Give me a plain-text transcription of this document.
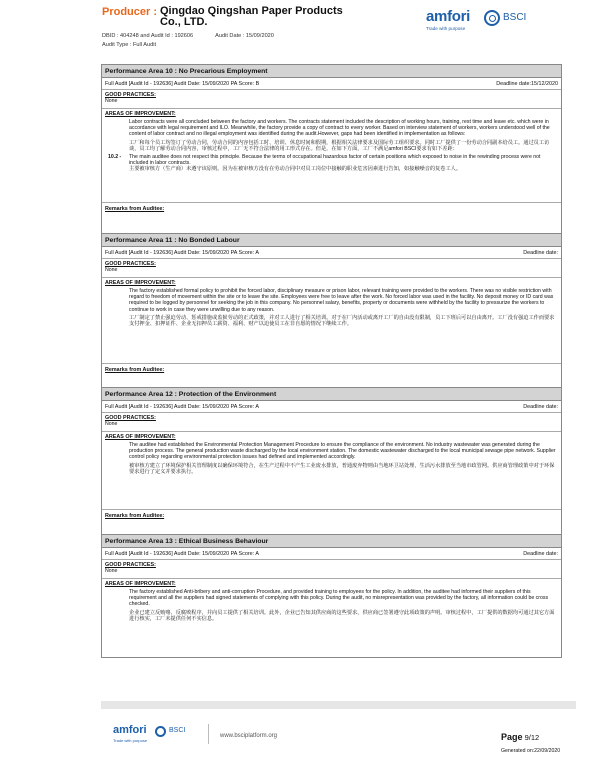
Producer : Qingdao Qingshan Paper Products
Co., LTD.
DBID : 404248 and Audit Id : 192606	Audit Date : 15/09/2020
Audit Type : Full Audit
amfori	BSCI
Trade with purpose
Performance Area 10 : No Precarious Employment
Full Audit [Audit Id - 192636] Audit Date: 15/09/2020 PA Score: B	Deadline date:15/12/2020
GOOD PRACTICES:
None
AREAS OF IMPROVEMENT:
Labor contracts were all concluded between the factory and workers. The contracts statement included the description of working hours, training, rest time and leave etc. which were in accordance with legal requirement and ILO. Meanwhile, the factory provide a copy of contract to every worker. Based on interview statement of workers, workers understood well of the content of labor contract and no illegal employment was identified during the audit.However, gaps had been identified in implementation as follows:
工厂和每个员工均签订了劳动合同，劳动合同的内容包括工时、培训、休息时间和假期，根据相关法律要求及国际劳工组织要求。同时工厂提供了一份劳动合同副本给员工。通过员工访谈，员工均了解劳动合同内容，审核过程中，工厂无不符合法律的用工形式存在。但是，在如下方面，工厂不满足amfori BSCI要求有如下差距：
10.2 - The main auditee does not respect this principle. Because the terms of occupational hazardous factor of certain positions which exposed to noise in the rewinding process were not included in labor contracts.
主要被审核方（生产商）未遵守该原则。因为在被审核方没有在劳动合同中对员工岗位中接触的职业危害因素进行告知，如接触噪音的复卷工人。
Remarks from Auditee:
Performance Area 11 : No Bonded Labour
Full Audit [Audit Id - 192636] Audit Date: 15/09/2020 PA Score: A	Deadline date:
GOOD PRACTICES:
None
AREAS OF IMPROVEMENT:
The factory established formal policy to prohibit the forced labor, disciplinary measure or prison labor, relevant training were provided to the workers. There was no visible restriction with regard to freedom of movement within the site or to leave the site. Employees were free to leave after the work. No forced labor was used in the facility. No deposit money or ID card was required to be logged by personnel for seeking the job in this company. No personnel salary, benefits, property or documents were withheld by the facility to pressurize the workers to continue to work in case they were unwilling due to any reason.
工厂制定了禁止强迫劳动、惩戒措施或监狱劳动的正式政策，并对工人进行了相关培训。对于在厂内活动或离开工厂的自由没有限制，员工下班后可以自由离开。工厂没有强迫工作而要求支付押金、扣押证件、企业无扣押员工薪资、福利、财产以迫使员工在非自愿的情况下继续工作。
Remarks from Auditee:
Performance Area 12 : Protection of the Environment
Full Audit [Audit Id - 192636] Audit Date: 15/09/2020 PA Score: A	Deadline date:
GOOD PRACTICES:
None
AREAS OF IMPROVEMENT:
The auditee had established the Environmental Protection Management Procedure to ensure the compliance of the environment. No industry wastewater was generated during the production process. The general production waste discharged by the local environment station. The domestic wastewater discharged to the local municipal sewage pipe network. Supplier control policy regarding environmental protection issues had defined and implemented accordingly.
被审核方建立了环境保护相关管理制度以确保环境符合，在生产过程中不产生工业废水排放，普通废弃物则由当地环卫站处理，生活污水排放至当地市政管网。供应商管理政策中对于环保要求进行了定义并要求执行。
Remarks from Auditee:
Performance Area 13 : Ethical Business Behaviour
Full Audit [Audit Id - 192636] Audit Date: 15/09/2020 PA Score: A	Deadline date:
GOOD PRACTICES:
None
AREAS OF IMPROVEMENT:
The factory established Anti-bribery and anti-corruption Procedure, and provided training to employees for the policy. In addition, the auditee had informed their suppliers of this requirement and all the suppliers had signed statements of complying with this policy. During the audit, no misrepresentation was provided by the factory, all information could be cross checked.
企业已建立反贿赂、反腐败程序，并向员工提供了相关培训。此外，企业已告知其供应商的这些要求，供应商已签署遵守此项政策的声明。审核过程中，工厂提供的数据均可通过其它方面进行核实，工厂未提供任何不实信息。
amfori	BSCI
Trade with purpose
www.bsciplatform.org	Page 9/12
Generated on:22/09/2020
